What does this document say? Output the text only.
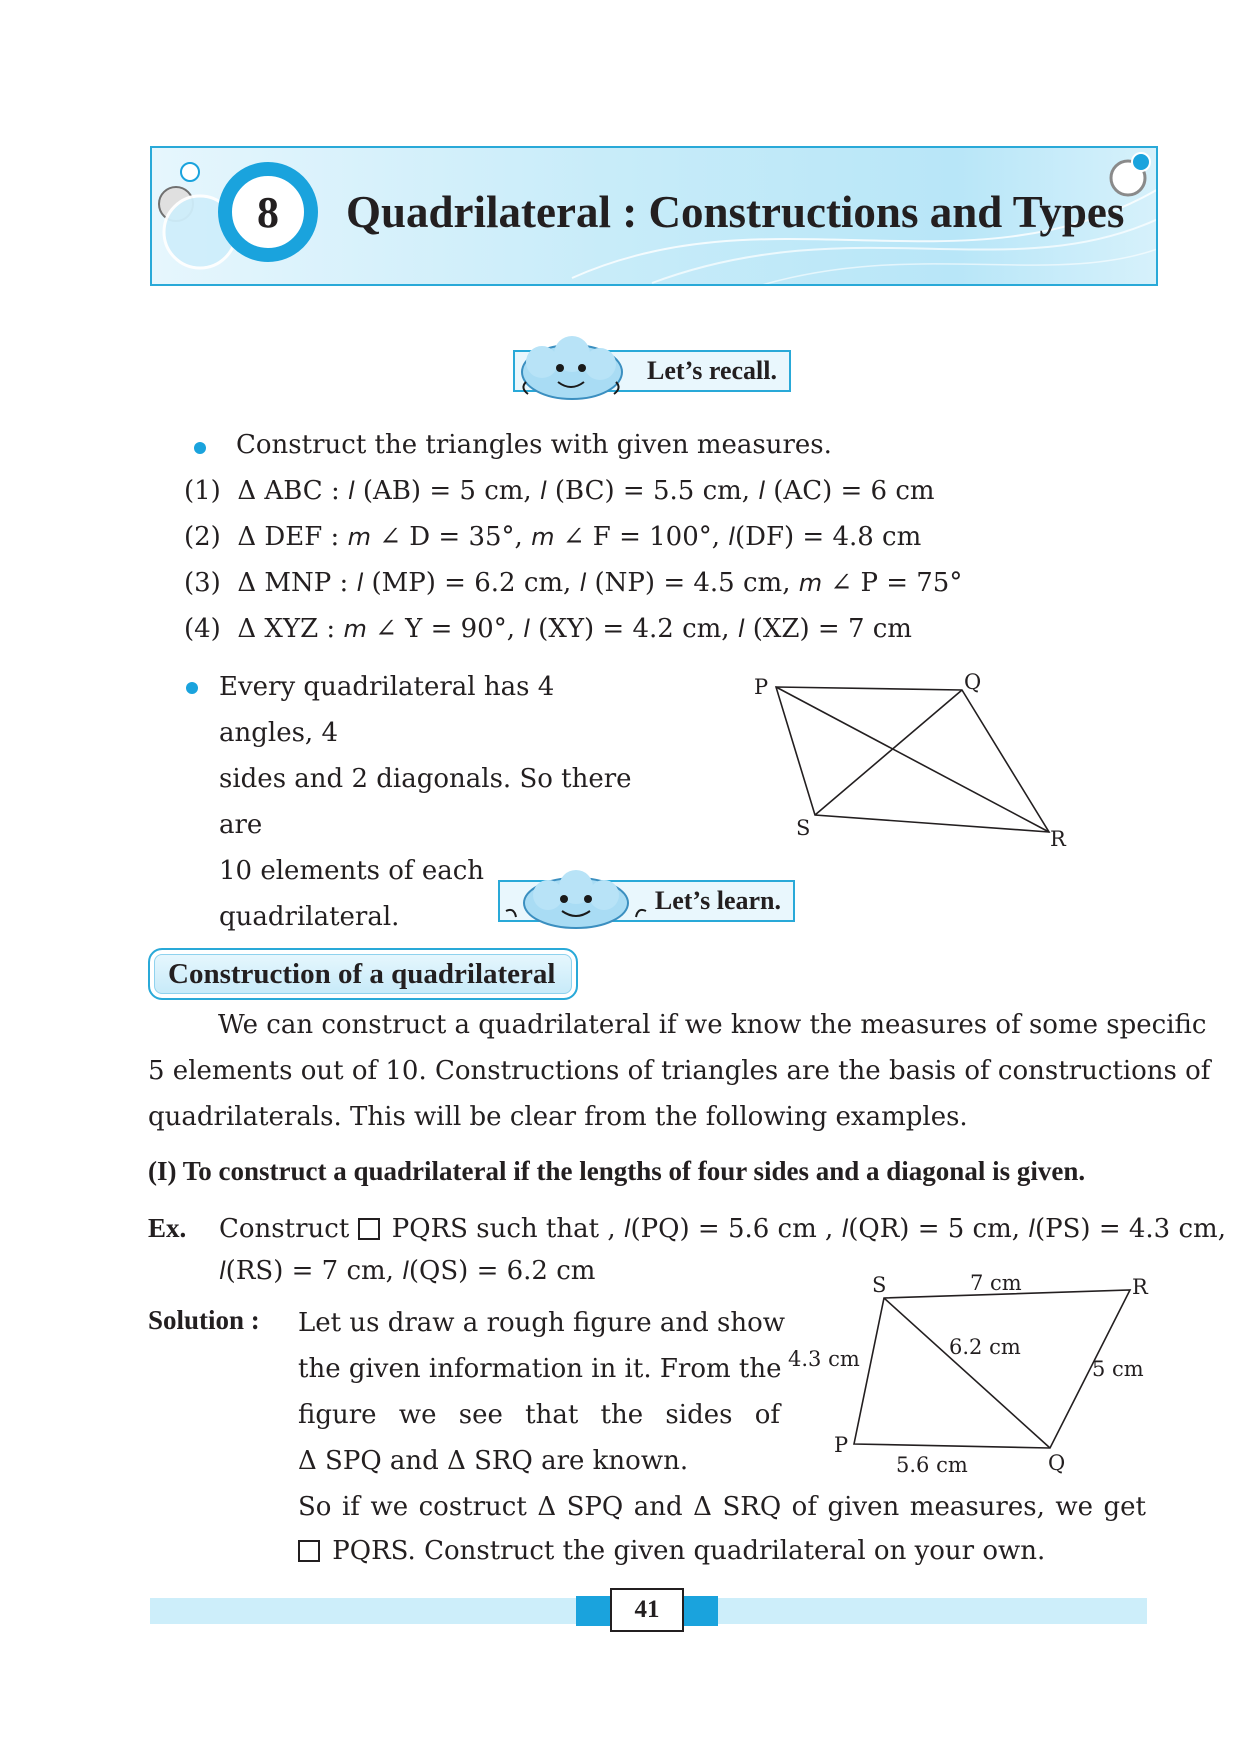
8	Quadrilateral : Constructions and Types
Let’s recall.
Construct the triangles with given measures.
(1) Δ ABC : l (AB) = 5 cm, l (BC) = 5.5 cm, l (AC) = 6 cm
(2) Δ DEF : m ∠ D = 35°, m ∠ F = 100°, l(DF) = 4.8 cm
(3) Δ MNP : l (MP) = 6.2 cm, l (NP) = 4.5 cm, m ∠ P = 75°
(4) Δ XYZ : m ∠ Y = 90°, l (XY) = 4.2 cm, l (XZ) = 7 cm
Every quadrilateral has 4 angles, 4
sides and 2 diagonals. So there are
10 elements of each quadrilateral.
P	Q
R
S
Let’s learn.
Construction of a quadrilateral
We can construct a quadrilateral if we know the measures of some specific
5 elements out of 10. Constructions of triangles are the basis of constructions of
quadrilaterals. This will be clear from the following examples.
(I) To construct a quadrilateral if the lengths of four sides and a diagonal is given.
Ex. Construct  PQRS such that , l(PQ) = 5.6 cm , l(QR) = 5 cm, l(PS) = 4.3 cm,
l(RS) = 7 cm, l(QS) = 6.2 cm
Solution : Let us draw a rough figure and show
the given information in it. From the
figure we see that the sides of
Δ SPQ and Δ SRQ are known.
So if we costruct Δ SPQ and Δ SRQ of given measures, we get
PQRS. Construct the given quadrilateral on your own.
S	R
P
Q
7 cm
6.2 cm
4.3 cm	5 cm
5.6 cm
41
